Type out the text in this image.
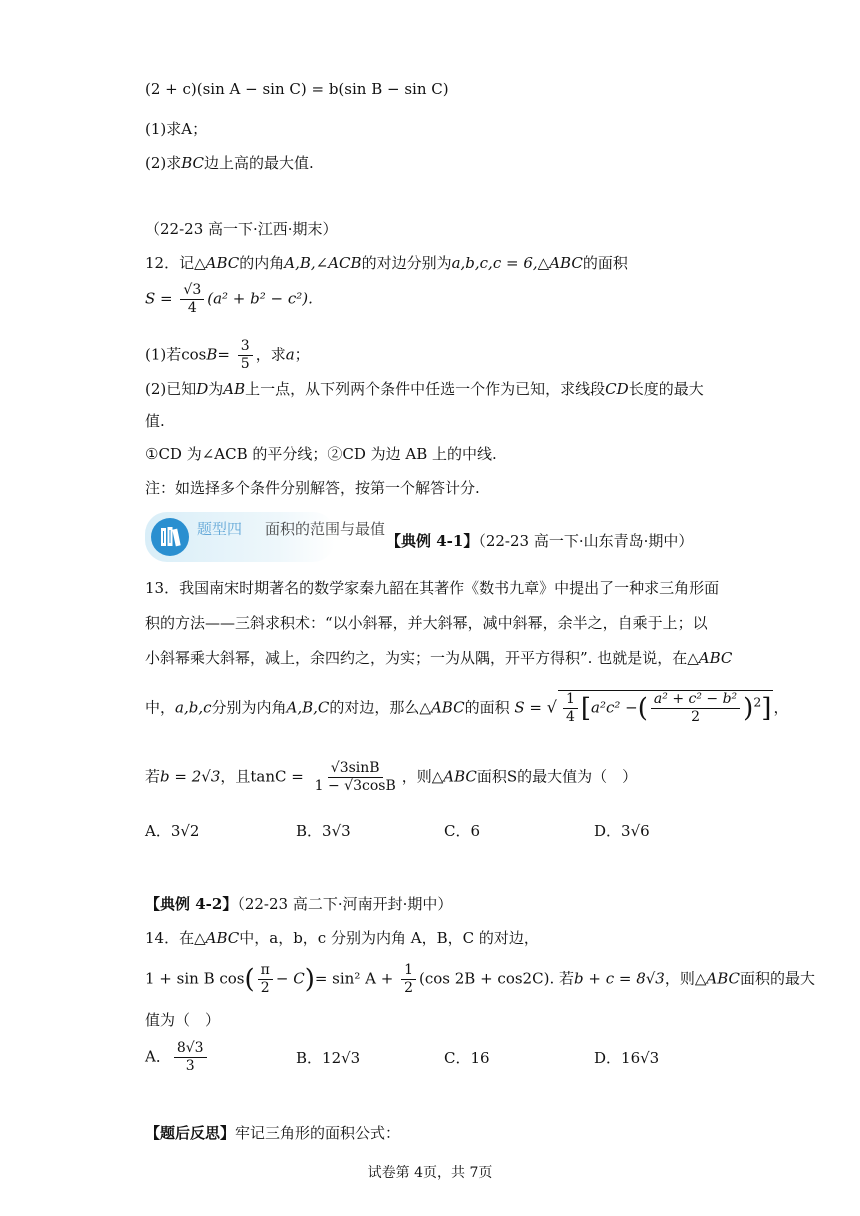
(2 + c)(sin A − sin C) = b(sin B − sin C)
(1)求A；
(2)求BC边上高的最大值.
（22-23 高一下·江西·期末）
12．记△ABC的内角A,B,∠ACB的对边分别为a,b,c,c = 6,△ABC的面积
$S = \frac{√3}{4} (a^2 + b^2 - c^2)$.
(1)若$\cos B= \frac{3}{5}$ ，求a；
(2)已知D为AB上一点，从下列两个条件中任选一个作为已知，求线段CD长度的最大
值.
①CD 为∠ACB 的平分线；②CD 为边 AB 上的中线.
注：如选择多个条件分别解答，按第一个解答计分.
题型四 面积的范围与最值
【典例 4-1】（22-23 高一下·山东青岛·期中）
13．我国南宋时期著名的数学家秦九韶在其著作《数书九章》中提出了一种求三角形面
积的方法——三斜求积术：“以小斜幂，并大斜幂，减中斜幂，余半之，自乘于上；以
小斜幂乘大斜幂，减上，余四约之，为实；一为从隅，开平方得积”. 也就是说，在△ABC
中，a,b,c分别为内角A,B,C的对边，那么△ABC的面积 S = √ $\frac{1}{4} [a^2c^2$ −( $\frac{\text{a² + c² − b²}}{2} )^2$] ，
若b = 2√3，且$\tan C = \frac{√3\sin B}{1 - √3\cos B}$ ，则△ABC面积S的最大值为（　）
A．3√2	B．3√3	C．6	D．3√6
【典例 4-2】（22-23 高二下·河南开封·期中）
14．在△ABC中，a，b，c 分别为内角 A，B，C 的对边，
1 + sin B $\cos( \frac{\pi}{2} - C)= \sin^2$ $A + \frac{1}{2} (\cos$ 2B + cos2C). 若b + c = 8√3，则△ABC面积的最大
值为（　）
A． $\frac{8√3}{3}$	B．12√3	C．16	D．16√3
【题后反思】牢记三角形的面积公式：
试卷第 4页，共 7页
